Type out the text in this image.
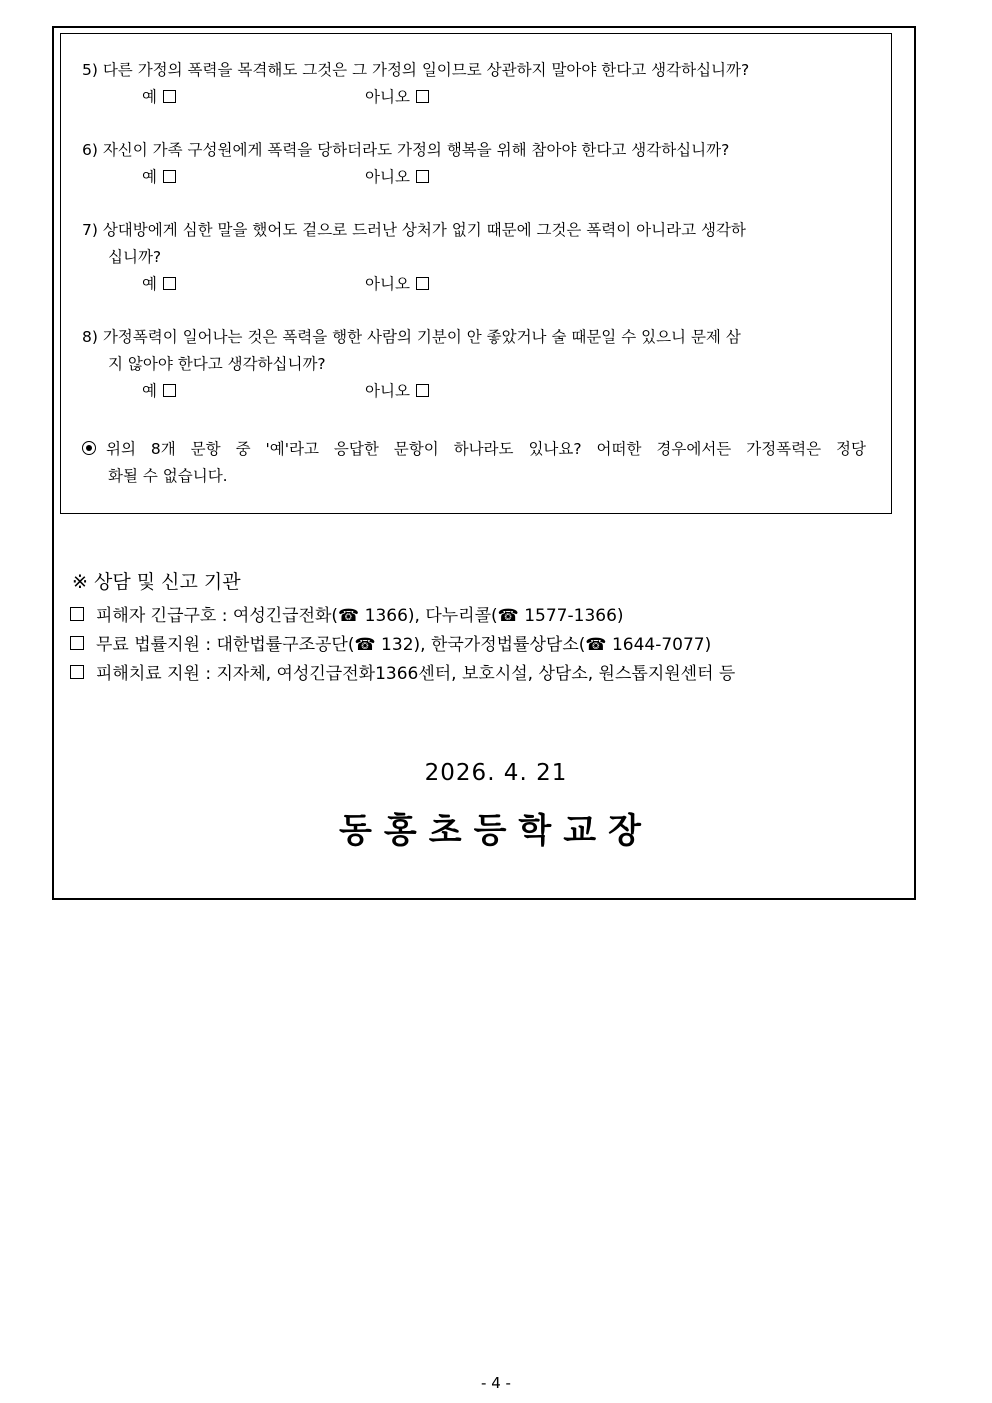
5) 다른 가정의 폭력을 목격해도 그것은 그 가정의 일이므로 상관하지 말아야 한다고 생각하십니까?
예	아니오
6) 자신이 가족 구성원에게 폭력을 당하더라도 가정의 행복을 위해 참아야 한다고 생각하십니까?
예	아니오
7) 상대방에게 심한 말을 했어도 겉으로 드러난 상처가 없기 때문에 그것은 폭력이 아니라고 생각하
십니까?
예	아니오
8) 가정폭력이 일어나는 것은 폭력을 행한 사람의 기분이 안 좋았거나 술 때문일 수 있으니 문제 삼
지 않아야 한다고 생각하십니까?
예	아니오
위의 8개 문항 중 '예'라고 응답한 문항이 하나라도 있나요? 어떠한 경우에서든 가정폭력은 정당
화될 수 없습니다.
※ 상담 및 신고 기관
피해자 긴급구호 : 여성긴급전화(☎ 1366), 다누리콜(☎ 1577-1366)
무료 법률지원 : 대한법률구조공단(☎ 132), 한국가정법률상담소(☎ 1644-7077)
피해치료 지원 : 지자체, 여성긴급전화1366센터, 보호시설, 상담소, 원스톱지원센터 등
2026. 4. 21
동홍초등학교장
- 4 -
